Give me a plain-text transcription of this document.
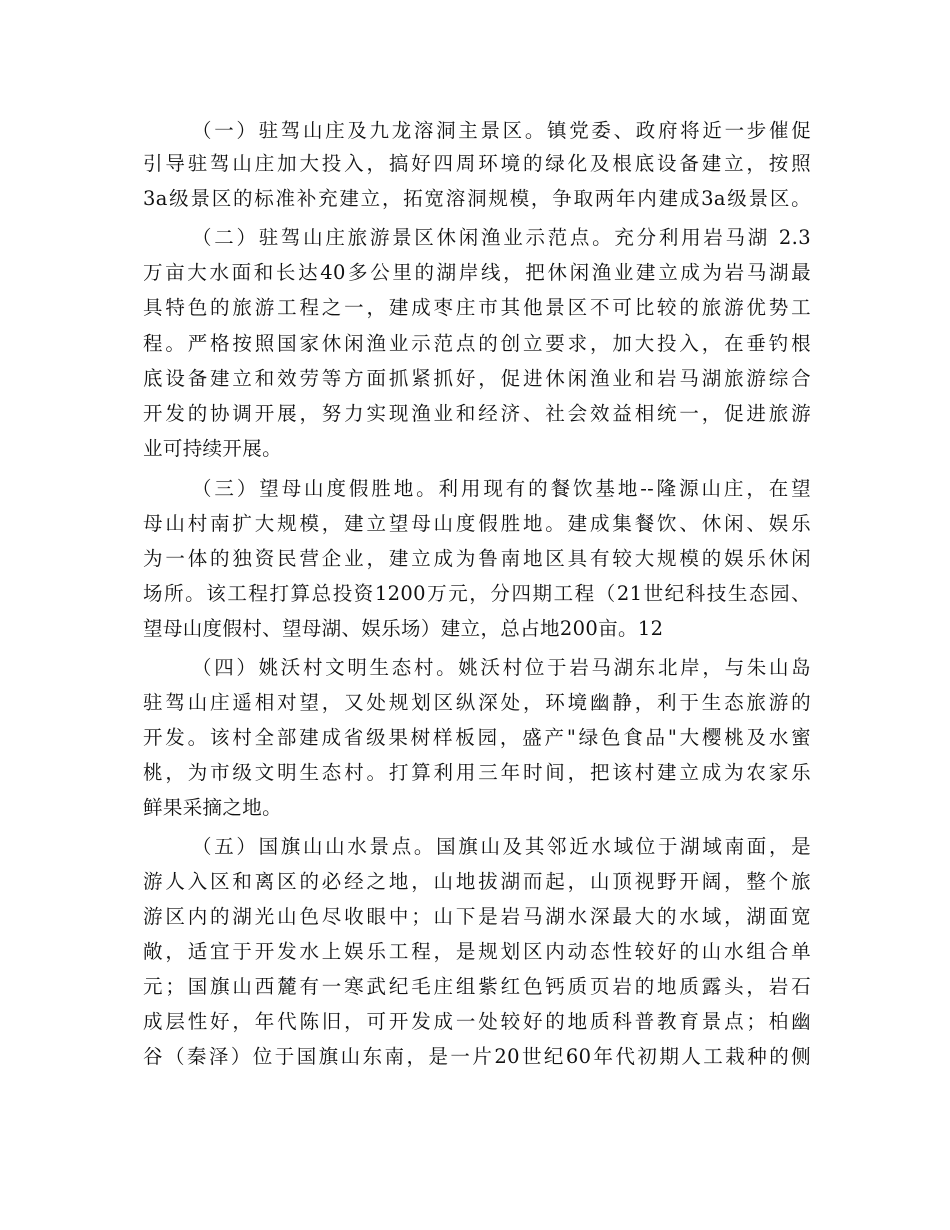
（一）驻驾山庄及九龙溶洞主景区。镇党委、政府将近一步催促
引导驻驾山庄加大投入，搞好四周环境的绿化及根底设备建立，按照
3a级景区的标准补充建立，拓宽溶洞规模，争取两年内建成3a级景区。
（二）驻驾山庄旅游景区休闲渔业示范点。充分利用岩马湖 2.3
万亩大水面和长达40多公里的湖岸线，把休闲渔业建立成为岩马湖最
具特色的旅游工程之一，建成枣庄市其他景区不可比较的旅游优势工
程。严格按照国家休闲渔业示范点的创立要求，加大投入，在垂钓根
底设备建立和效劳等方面抓紧抓好，促进休闲渔业和岩马湖旅游综合
开发的协调开展，努力实现渔业和经济、社会效益相统一，促进旅游
业可持续开展。
（三）望母山度假胜地。利用现有的餐饮基地--隆源山庄，在望
母山村南扩大规模，建立望母山度假胜地。建成集餐饮、休闲、娱乐
为一体的独资民营企业，建立成为鲁南地区具有较大规模的娱乐休闲
场所。该工程打算总投资1200万元，分四期工程（21世纪科技生态园、
望母山度假村、望母湖、娱乐场）建立，总占地200亩。12
（四）姚沃村文明生态村。姚沃村位于岩马湖东北岸，与朱山岛
驻驾山庄遥相对望，又处规划区纵深处，环境幽静，利于生态旅游的
开发。该村全部建成省级果树样板园，盛产"绿色食品"大樱桃及水蜜
桃，为市级文明生态村。打算利用三年时间，把该村建立成为农家乐
鲜果采摘之地。
（五）国旗山山水景点。国旗山及其邻近水域位于湖域南面，是
游人入区和离区的必经之地，山地拔湖而起，山顶视野开阔，整个旅
游区内的湖光山色尽收眼中；山下是岩马湖水深最大的水域，湖面宽
敞，适宜于开发水上娱乐工程，是规划区内动态性较好的山水组合单
元；国旗山西麓有一寒武纪毛庄组紫红色钙质页岩的地质露头，岩石
成层性好，年代陈旧，可开发成一处较好的地质科普教育景点；柏幽
谷（秦泽）位于国旗山东南，是一片20世纪60年代初期人工栽种的侧
